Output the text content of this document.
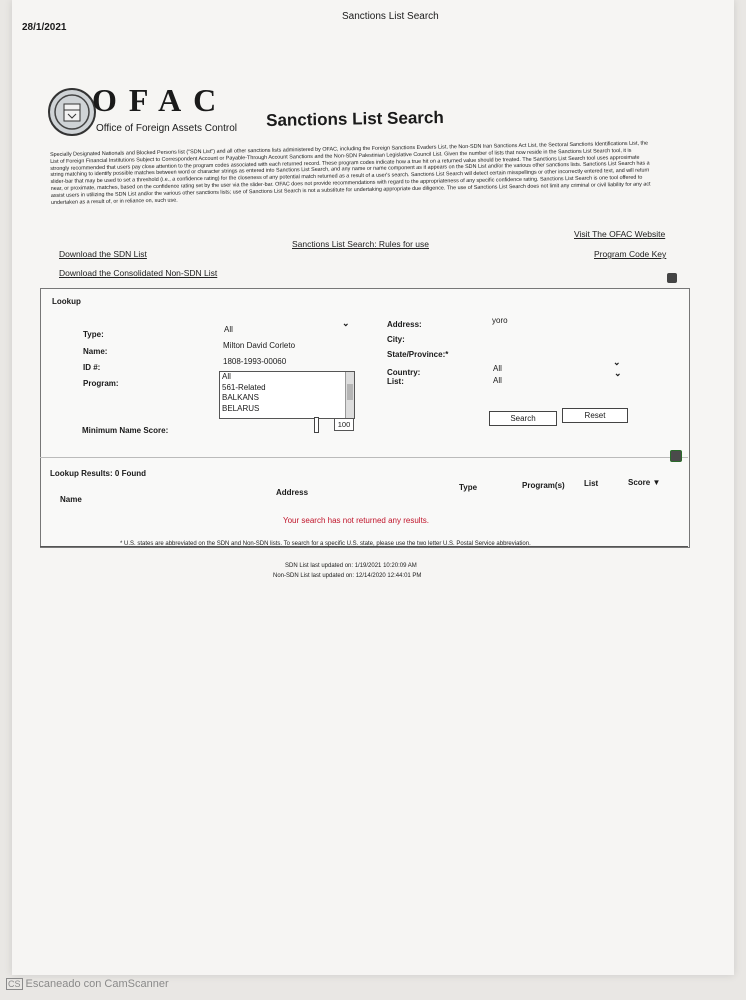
28/1/2021
Sanctions List Search
OFAC
Office of Foreign Assets Control Sanctions List Search
Specially Designated Nationals and Blocked Persons list ("SDN List") and all other sanctions lists administered by OFAC, including the Foreign Sanctions Evaders List, the Non-SDN Iran Sanctions Act List, the Sectoral Sanctions Identifications List, the List of Foreign Financial Institutions Subject to Correspondent Account or Payable-Through Account Sanctions and the Non-SDN Palestinian Legislative Council List. Given the number of lists that now reside in the Sanctions List Search tool, it is strongly recommended that users pay close attention to the program codes associated with each returned record. These program codes indicate how a true hit on a returned value should be treated. The Sanctions List Search tool uses approximate string matching to identify possible matches between word or character strings as entered into Sanctions List Search, and any name or name component as it appears on the SDN List and/or the various other sanctions lists. Sanctions List Search has a slider-bar that may be used to set a threshold (i.e., a confidence rating) for the closeness of any potential match returned as a result of a user's search. Sanctions List Search will detect certain misspellings or other incorrectly entered text, and will return near, or proximate, matches, based on the confidence rating set by the user via the slider-bar. OFAC does not provide recommendations with regard to the appropriateness of any specific confidence rating. Sanctions List Search is one tool offered to assist users in utilizing the SDN List and/or the various other sanctions lists; use of Sanctions List Search is not a substitute for undertaking appropriate due diligence. The use of Sanctions List Search does not limit any criminal or civil liability for any act undertaken as a result of, or in reliance on, such use.
Download the SDN List
Sanctions List Search: Rules for use
Visit The OFAC Website
Download the Consolidated Non-SDN List
Program Code Key
Lookup
Type:
All
⌄
Name:
Milton David Corleto
ID #:
1808-1993-00060
Program:
All
561-Related
BALKANS
BELARUS
Minimum Name Score:
100
Address:	yoro
City:
State/Province:*
Country:	All
⌄
List:	All
⌄
Search	Reset
Lookup Results: 0 Found
Name
Address
Type	Program(s) List	Score ▼
Your search has not returned any results.
* U.S. states are abbreviated on the SDN and Non-SDN lists. To search for a specific U.S. state, please use the two letter U.S. Postal Service abbreviation.
SDN List last updated on: 1/19/2021 10:20:09 AM
Non-SDN List last updated on: 12/14/2020 12:44:01 PM
CS Escaneado con CamScanner
